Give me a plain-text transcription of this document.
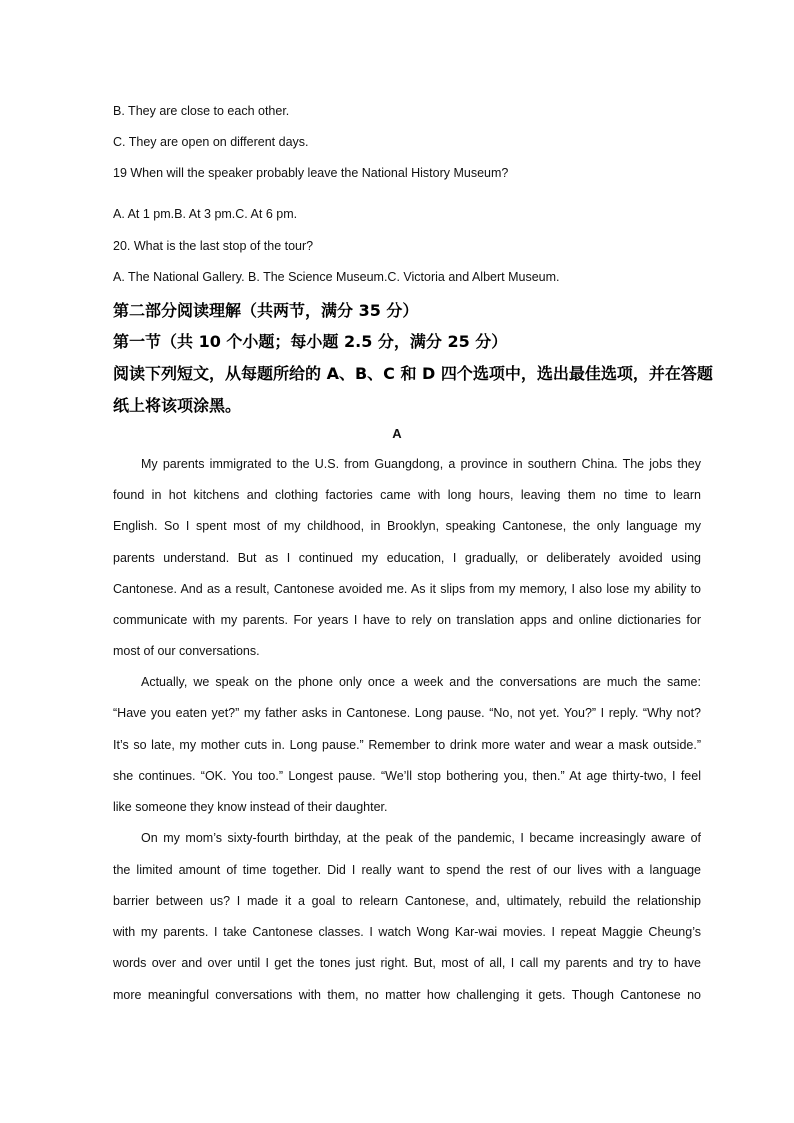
B. They are close to each other.
C. They are open on different days.
19 When will the speaker probably leave the National History Museum?
A. At 1 pm.B. At 3 pm.C. At 6 pm.
20. What is the last stop of the tour?
A. The National Gallery. B. The Science Museum.C. Victoria and Albert Museum.
第二部分阅读理解（共两节，满分 35 分）
第一节（共 10 个小题；每小题 2.5 分，满分 25 分）
阅读下列短文，从每题所给的 A、B、C 和 D 四个选项中，选出最佳选项，并在答题
纸上将该项涂黑。
A
My parents immigrated to the U.S. from Guangdong, a province in southern China. The jobs they
found in hot kitchens and clothing factories came with long hours, leaving them no time to learn
English. So I spent most of my childhood, in Brooklyn, speaking Cantonese, the only language my
parents understand. But as I continued my education, I gradually, or deliberately avoided using
Cantonese. And as a result, Cantonese avoided me. As it slips from my memory, I also lose my ability to
communicate with my parents. For years I have to rely on translation apps and online dictionaries for
most of our conversations.
Actually, we speak on the phone only once a week and the conversations are much the same:
“Have you eaten yet?” my father asks in Cantonese. Long pause. “No, not yet. You?” I reply. “Why not?
It’s so late, my mother cuts in. Long pause.” Remember to drink more water and wear a mask outside.”
she continues. “OK. You too.” Longest pause. “We’ll stop bothering you, then.” At age thirty-two, I feel
like someone they know instead of their daughter.
On my mom’s sixty-fourth birthday, at the peak of the pandemic, I became increasingly aware of
the limited amount of time together. Did I really want to spend the rest of our lives with a language
barrier between us? I made it a goal to relearn Cantonese, and, ultimately, rebuild the relationship
with my parents. I take Cantonese classes. I watch Wong Kar-wai movies. I repeat Maggie Cheung’s
words over and over until I get the tones just right. But, most of all, I call my parents and try to have
more meaningful conversations with them, no matter how challenging it gets. Though Cantonese no
